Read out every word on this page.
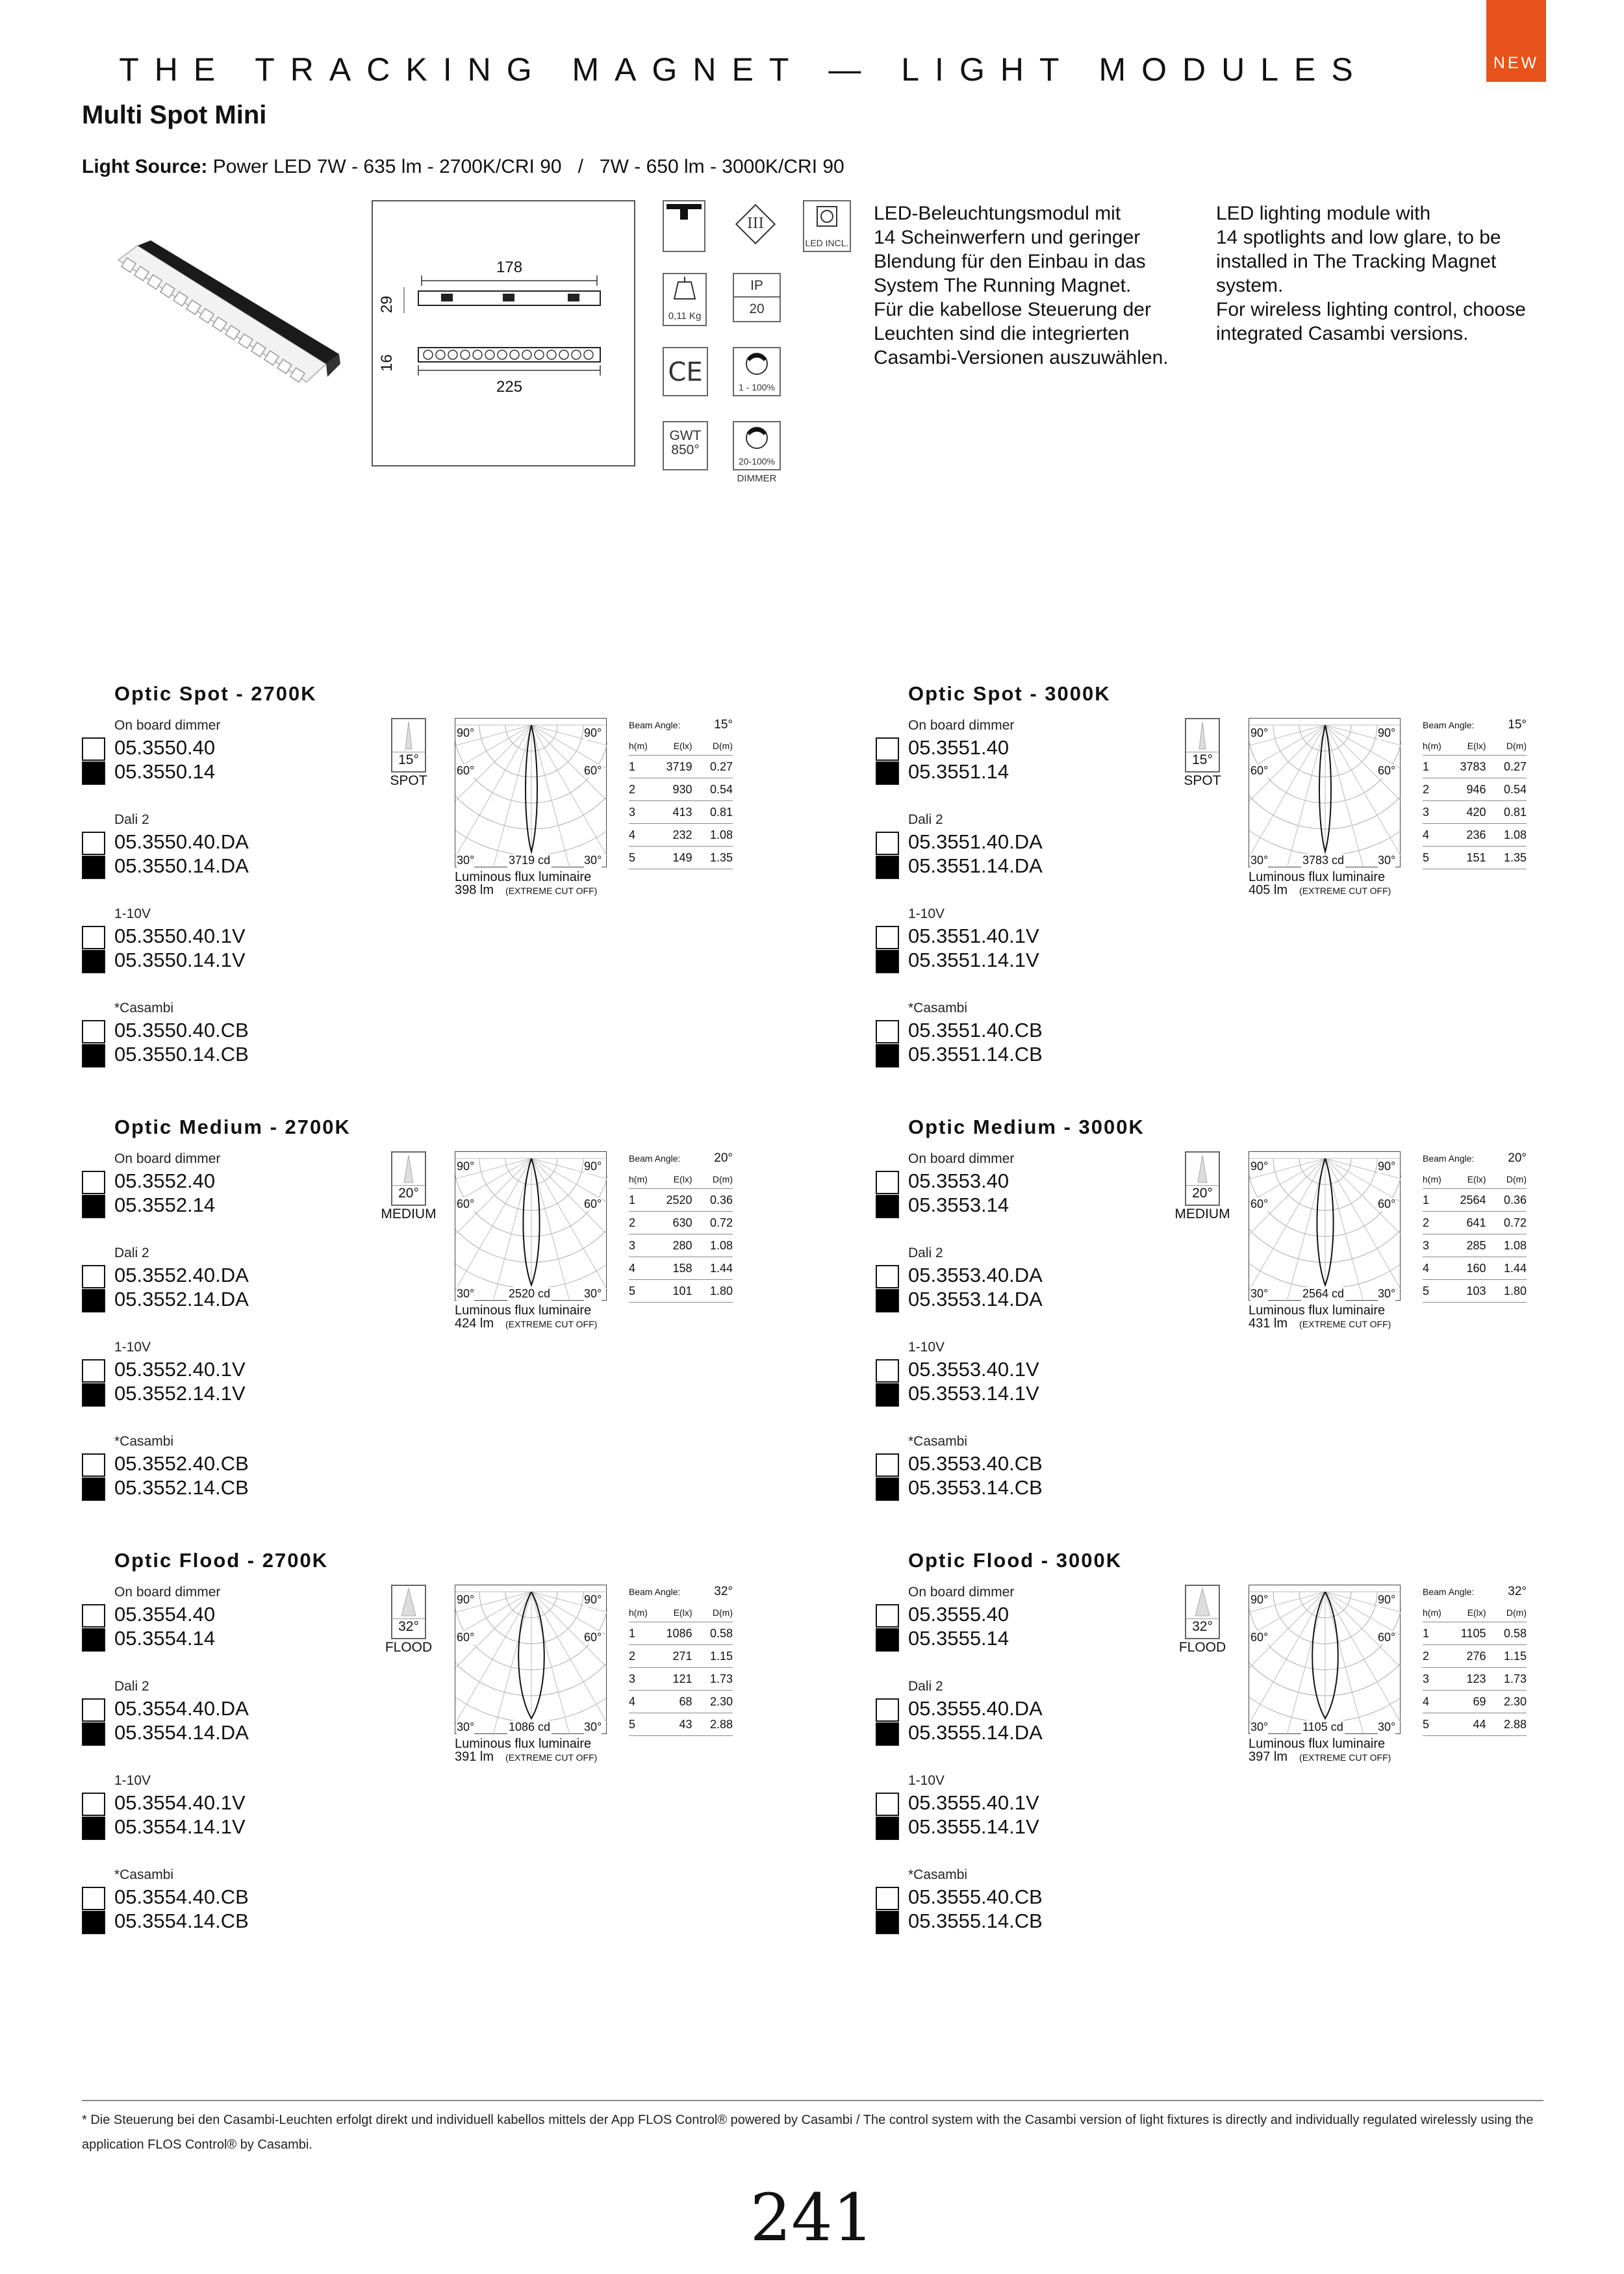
THE TRACKING MAGNET — LIGHT MODULES	NEW
Multi Spot Mini
Light Source: Power LED 7W - 635 lm - 2700K/CRI 90   /   7W - 650 lm - 3000K/CRI 90
178
29
16
225
III
LED INCL.
0,11 Kg
IP
20
CE	1 - 100%
GWT
850°
20-100%
DIMMER
LED-Beleuchtungsmodul mit
14 Scheinwerfern und geringer
Blendung für den Einbau in das
System The Running Magnet.
Für die kabellose Steuerung der
Leuchten sind die integrierten
Casambi-Versionen auszuwählen.
LED lighting module with
14 spotlights and low glare, to be
installed in The Tracking Magnet
system.
For wireless lighting control, choose
integrated Casambi versions.
Optic Spot - 2700K
On board dimmer
05.3550.40
05.3550.14
Dali 2
05.3550.40.DA
05.3550.14.DA
1-10V
05.3550.40.1V
05.3550.14.1V
*Casambi
05.3550.40.CB
05.3550.14.CB
15°
SPOT
90°	90°
60°	60°
30°	30°
3719 cd
Luminous flux luminaire
398 lm (EXTREME CUT OFF)
Beam Angle:	15°
h(m)	E(lx)	D(m)
1	3719	0.27
2	930	0.54
3	413	0.81
4	232	1.08
5	149	1.35
Optic Spot - 3000K
On board dimmer
05.3551.40
05.3551.14
Dali 2
05.3551.40.DA
05.3551.14.DA
1-10V
05.3551.40.1V
05.3551.14.1V
*Casambi
05.3551.40.CB
05.3551.14.CB
15°
SPOT
90°	90°
60°	60°
30°	30°
3783 cd
Luminous flux luminaire
405 lm (EXTREME CUT OFF)
Beam Angle:	15°
h(m)	E(lx)	D(m)
1	3783	0.27
2	946	0.54
3	420	0.81
4	236	1.08
5	151	1.35
Optic Medium - 2700K
On board dimmer
05.3552.40
05.3552.14
Dali 2
05.3552.40.DA
05.3552.14.DA
1-10V
05.3552.40.1V
05.3552.14.1V
*Casambi
05.3552.40.CB
05.3552.14.CB
20°
MEDIUM
90°	90°
60°	60°
30°	30°
2520 cd
Luminous flux luminaire
424 lm (EXTREME CUT OFF)
Beam Angle:	20°
h(m)	E(lx)	D(m)
1	2520	0.36
2	630	0.72
3	280	1.08
4	158	1.44
5	101	1.80
Optic Medium - 3000K
On board dimmer
05.3553.40
05.3553.14
Dali 2
05.3553.40.DA
05.3553.14.DA
1-10V
05.3553.40.1V
05.3553.14.1V
*Casambi
05.3553.40.CB
05.3553.14.CB
20°
MEDIUM
90°	90°
60°	60°
30°	30°
2564 cd
Luminous flux luminaire
431 lm (EXTREME CUT OFF)
Beam Angle:	20°
h(m)	E(lx)	D(m)
1	2564	0.36
2	641	0.72
3	285	1.08
4	160	1.44
5	103	1.80
Optic Flood - 2700K
On board dimmer
05.3554.40
05.3554.14
Dali 2
05.3554.40.DA
05.3554.14.DA
1-10V
05.3554.40.1V
05.3554.14.1V
*Casambi
05.3554.40.CB
05.3554.14.CB
32°
FLOOD
90°	90°
60°	60°
30°	30°
1086 cd
Luminous flux luminaire
391 lm (EXTREME CUT OFF)
Beam Angle:	32°
h(m)	E(lx)	D(m)
1	1086	0.58
2	271	1.15
3	121	1.73
4	68	2.30
5	43	2.88
Optic Flood - 3000K
On board dimmer
05.3555.40
05.3555.14
Dali 2
05.3555.40.DA
05.3555.14.DA
1-10V
05.3555.40.1V
05.3555.14.1V
*Casambi
05.3555.40.CB
05.3555.14.CB
32°
FLOOD
90°	90°
60°	60°
30°	30°
1105 cd
Luminous flux luminaire
397 lm (EXTREME CUT OFF)
Beam Angle:	32°
h(m)	E(lx)	D(m)
1	1105	0.58
2	276	1.15
3	123	1.73
4	69	2.30
5	44	2.88
* Die Steuerung bei den Casambi-Leuchten erfolgt direkt und individuell kabellos mittels der App FLOS Control® powered by Casambi / The control system with the Casambi version of light fixtures is directly and individually regulated wirelessly using the application FLOS Control® by Casambi.
241
